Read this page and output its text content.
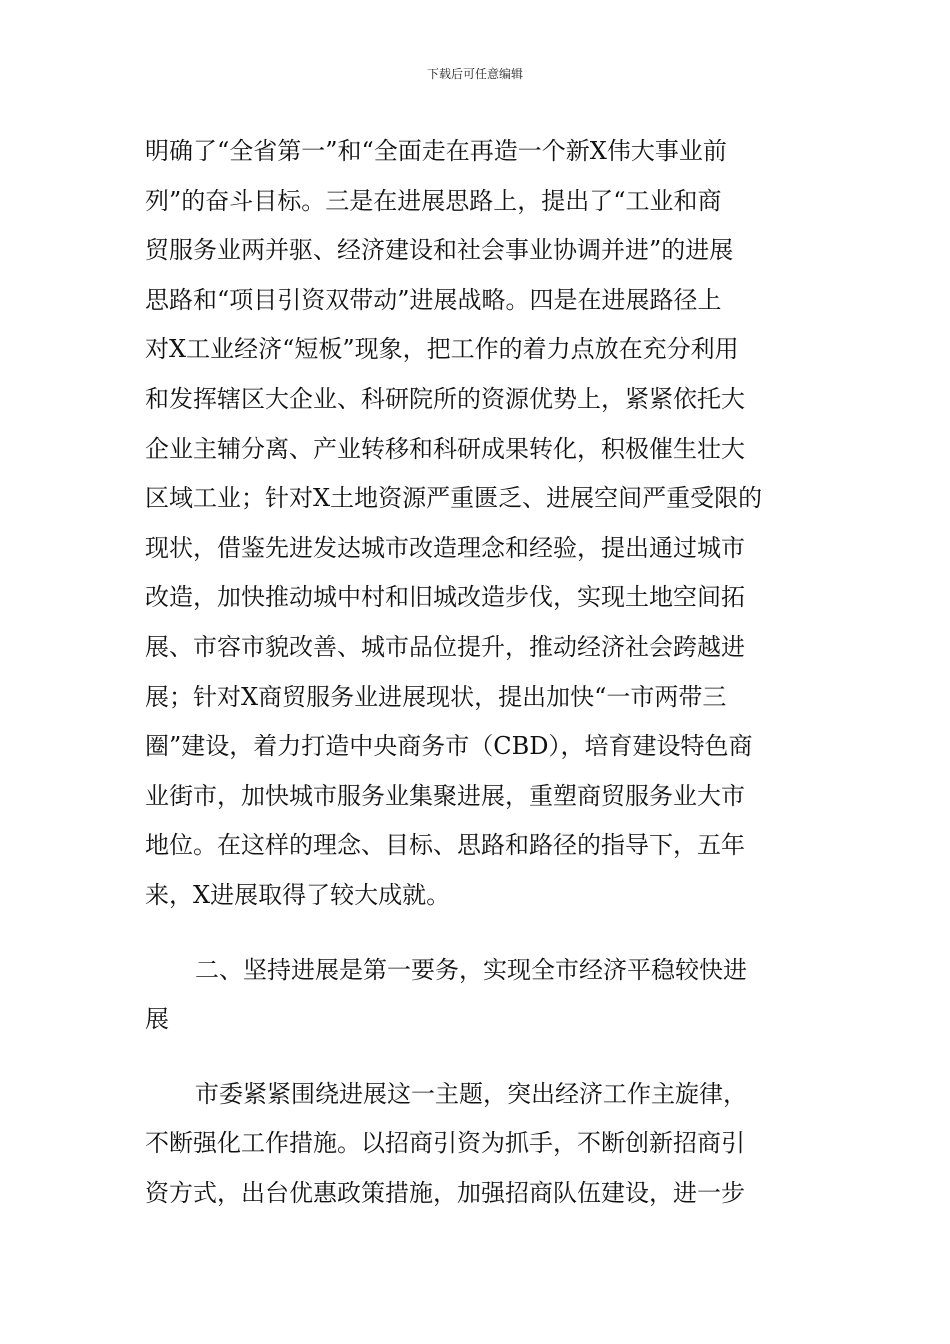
下载后可任意编辑
明确了“全省第一”和“全面走在再造一个新X伟大事业前
列”的奋斗目标。三是在进展思路上，提出了“工业和商
贸服务业两并驱、经济建设和社会事业协调并进”的进展
思路和“项目引资双带动”进展战略。四是在进展路径上
对X工业经济“短板”现象，把工作的着力点放在充分利用
和发挥辖区大企业、科研院所的资源优势上，紧紧依托大
企业主辅分离、产业转移和科研成果转化，积极催生壮大
区域工业；针对X土地资源严重匮乏、进展空间严重受限的
现状，借鉴先进发达城市改造理念和经验，提出通过城市
改造，加快推动城中村和旧城改造步伐，实现土地空间拓
展、市容市貌改善、城市品位提升，推动经济社会跨越进
展；针对X商贸服务业进展现状，提出加快“一市两带三
圈”建设，着力打造中央商务市（CBD），培育建设特色商
业街市，加快城市服务业集聚进展，重塑商贸服务业大市
地位。在这样的理念、目标、思路和路径的指导下，五年
来，X进展取得了较大成就。
二、坚持进展是第一要务，实现全市经济平稳较快进
展
市委紧紧围绕进展这一主题，突出经济工作主旋律，
不断强化工作措施。以招商引资为抓手，不断创新招商引
资方式，出台优惠政策措施，加强招商队伍建设，进一步
